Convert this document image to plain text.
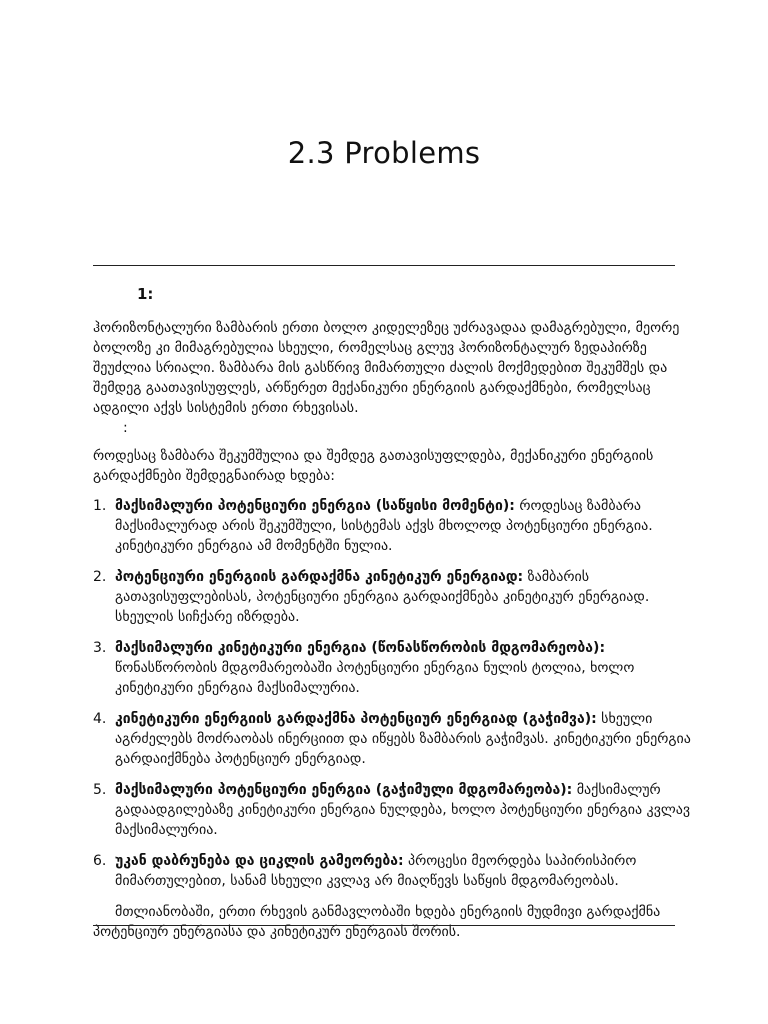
2.3 Problems
1:

ჰორიზონტალური ზამბარის ერთი ბოლო კიდელეზეც უძრავადაა დამაგრებული, მეორე ბოლოზე კი მიმაგრებულია სხეული, რომელსაც გლუვ ჰორიზონტალურ ზედაპირზე შეუძლია სრიალი. ზამბარა მის გასწრივ მიმართული ძალის მოქმედებით შეკუმშეს და შემდეგ გაათავისუფლეს, არწერეთ მექანიკური ენერგიის გარდაქმნები, რომელსაც ადგილი აქვს სისტემის ერთი რხევისას.

:

როდესაც ზამბარა შეკუმშულია და შემდეგ გათავისუფლდება, მექანიკური ენერგიის გარდაქმნები შემდეგნაირად ხდება:

1. მაქსიმალური პოტენციური ენერგია (საწყისი მომენტი): როდესაც ზამბარა მაქსიმალურად არის შეკუმშული, სისტემას აქვს მხოლოდ პოტენციური ენერგია. კინეტიკური ენერგია ამ მომენტში ნულია.
2. პოტენციური ენერგიის გარდაქმნა კინეტიკურ ენერგიად: ზამბარის გათავისუფლებისას, პოტენციური ენერგია გარდაიქმნება კინეტიკურ ენერგიად. სხეულის სიჩქარე იზრდება.
3. მაქსიმალური კინეტიკური ენერგია (წონასწორობის მდგომარეობა): წონასწორობის მდგომარეობაში პოტენციური ენერგია ნულის ტოლია, ხოლო კინეტიკური ენერგია მაქსიმალურია.
4. კინეტიკური ენერგიის გარდაქმნა პოტენციურ ენერგიად (გაჭიმვა): სხეული აგრძელებს მოძრაობას ინერციით და იწყებს ზამბარის გაჭიმვას. კინეტიკური ენერგია გარდაიქმნება პოტენციურ ენერგიად.
5. მაქსიმალური პოტენციური ენერგია (გაჭიმული მდგომარეობა): მაქსიმალურ გადაადგილებაზე კინეტიკური ენერგია ნულდება, ხოლო პოტენციური ენერგია კვლავ მაქსიმალურია.
6. უკან დაბრუნება და ციკლის გამეორება: პროცესი მეორდება საპირისპირო მიმართულებით, სანამ სხეული კვლავ არ მიაღწევს საწყის მდგომარეობას.

მთლიანობაში, ერთი რხევის განმავლობაში ხდება ენერგიის მუდმივი გარდაქმნა პოტენციურ ენერგიასა და კინეტიკურ ენერგიას შორის.
